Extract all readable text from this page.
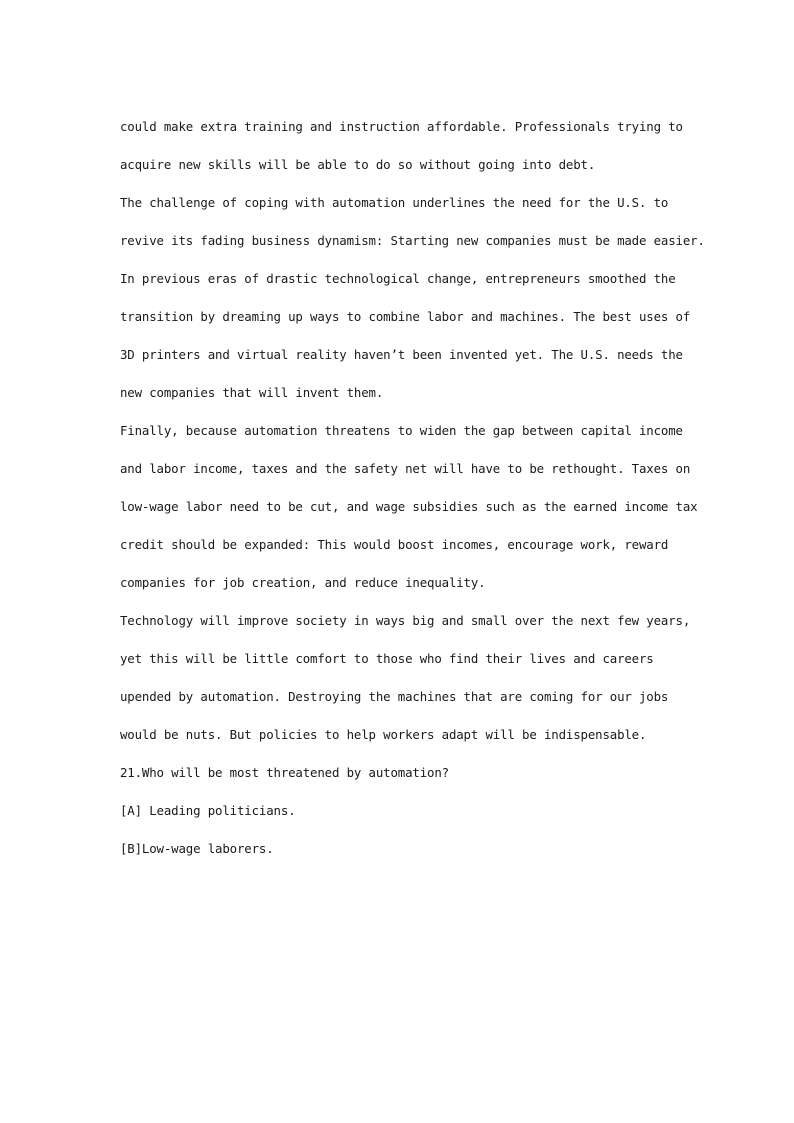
could make extra training and instruction affordable. Professionals trying to
acquire new skills will be able to do so without going into debt.
The challenge of coping with automation underlines the need for the U.S. to
revive its fading business dynamism: Starting new companies must be made easier.
In previous eras of drastic technological change, entrepreneurs smoothed the
transition by dreaming up ways to combine labor and machines. The best uses of
3D printers and virtual reality haven’t been invented yet. The U.S. needs the
new companies that will invent them.
Finally, because automation threatens to widen the gap between capital income
and labor income, taxes and the safety net will have to be rethought. Taxes on
low-wage labor need to be cut, and wage subsidies such as the earned income tax
credit should be expanded: This would boost incomes, encourage work, reward
companies for job creation, and reduce inequality.
Technology will improve society in ways big and small over the next few years,
yet this will be little comfort to those who find their lives and careers
upended by automation. Destroying the machines that are coming for our jobs
would be nuts. But policies to help workers adapt will be indispensable.
21.Who will be most threatened by automation?
[A] Leading politicians.
[B]Low-wage laborers.
